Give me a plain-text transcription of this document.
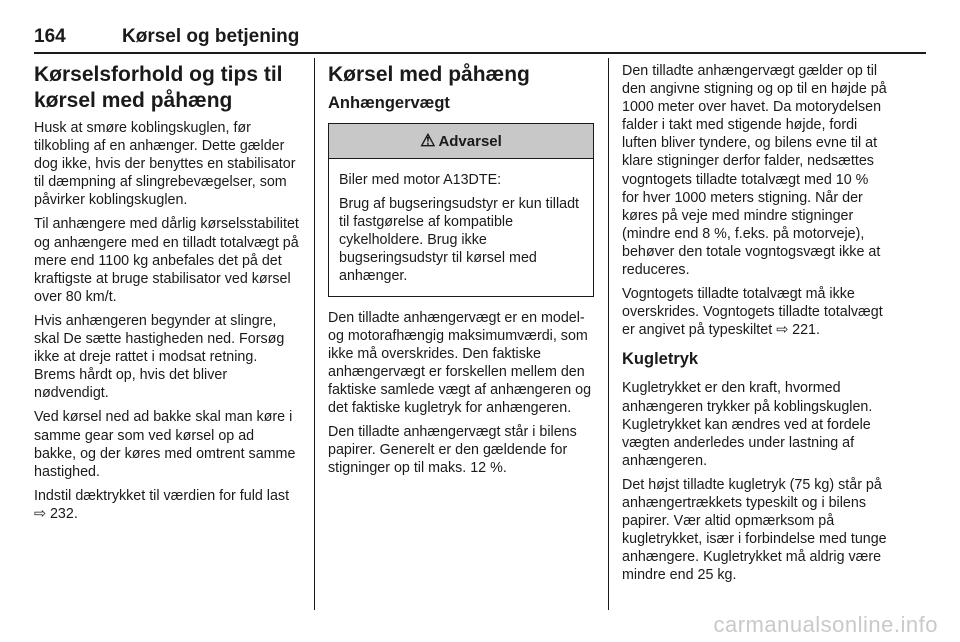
164	Kørsel og betjening
Kørselsforhold og tips til kørsel med påhæng

Husk at smøre koblingskuglen, før tilkobling af en anhænger. Dette gælder dog ikke, hvis der benyttes en stabilisator til dæmpning af slingrebevægelser, som påvirker koblingskuglen.

Til anhængere med dårlig kørselsstabilitet og anhængere med en tilladt totalvægt på mere end 1100 kg anbefales det på det kraftigste at bruge stabilisator ved kørsel over 80 km/t.

Hvis anhængeren begynder at slingre, skal De sætte hastigheden ned. Forsøg ikke at dreje rattet i modsat retning. Brems hårdt op, hvis det bliver nødvendigt.

Ved kørsel ned ad bakke skal man køre i samme gear som ved kørsel op ad bakke, og der køres med omtrent samme hastighed.

Indstil dæktrykket til værdien for fuld last ⇨ 232.

Kørsel med påhæng
Anhængervægt
⚠ Advarsel

Biler med motor A13DTE:

Brug af bugseringsudstyr er kun tilladt til fastgørelse af kompatible cykelholdere. Brug ikke bugseringsudstyr til kørsel med anhænger.

Den tilladte anhængervægt er en model- og motorafhængig maksimumværdi, som ikke må overskrides. Den faktiske anhængervægt er forskellen mellem den faktiske samlede vægt af anhængeren og det faktiske kugletryk for anhængeren.

Den tilladte anhængervægt står i bilens papirer. Generelt er den gældende for stigninger op til maks. 12 %.

Den tilladte anhængervægt gælder op til den angivne stigning og op til en højde på 1000 meter over havet. Da motorydelsen falder i takt med stigende højde, fordi luften bliver tyndere, og bilens evne til at klare stigninger derfor falder, nedsættes vogntogets tilladte totalvægt med 10 % for hver 1000 meters stigning. Når der køres på veje med mindre stigninger (mindre end 8 %, f.eks. på motorveje), behøver den totale vogntogsvægt ikke at reduceres.

Vogntogets tilladte totalvægt må ikke overskrides. Vogntogets tilladte totalvægt er angivet på typeskiltet ⇨ 221.

Kugletryk

Kugletrykket er den kraft, hvormed anhængeren trykker på koblingskuglen. Kugletrykket kan ændres ved at fordele vægten anderledes under lastning af anhængeren.

Det højst tilladte kugletryk (75 kg) står på anhængertrækkets typeskilt og i bilens papirer. Vær altid opmærksom på kugletrykket, især i forbindelse med tunge anhængere. Kugletrykket må aldrig være mindre end 25 kg.

carmanualsonline.info
